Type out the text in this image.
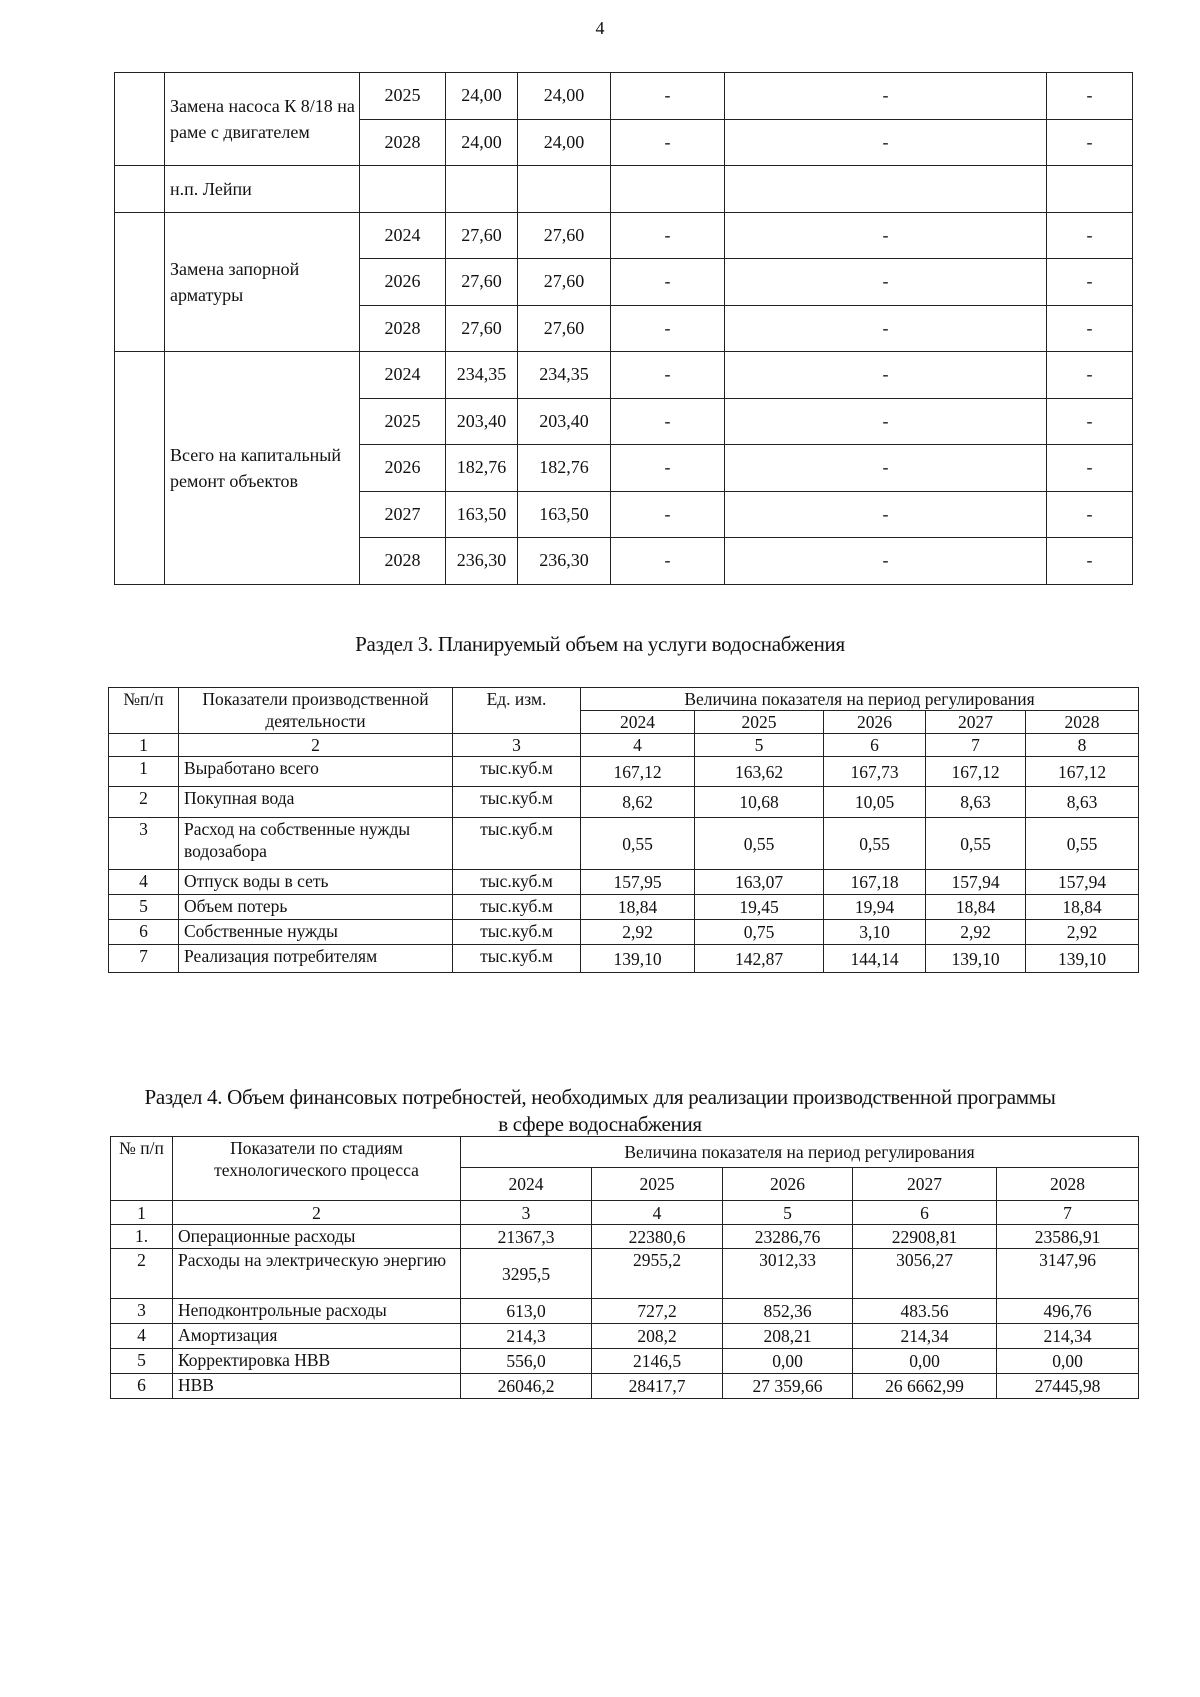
4
	Замена насоса К 8/18 на раме с двигателем	2025	24,00	24,00	-	-	-
		2028	24,00	24,00	-	-	-
	н.п. Лейпи						
	Замена запорной арматуры	2024	27,60	27,60	-	-	-
		2026	27,60	27,60	-	-	-
		2028	27,60	27,60	-	-	-
	Всего на капитальный ремонт объектов	2024	234,35	234,35	-	-	-
		2025	203,40	203,40	-	-	-
		2026	182,76	182,76	-	-	-
		2027	163,50	163,50	-	-	-
		2028	236,30	236,30	-	-	-
Раздел 3. Планируемый объем на услуги водоснабжения
№п/п	Показатели производственной деятельности	Ед. изм.	Величина показателя на период регулирования				
			2024	2025	2026	2027	2028
1	2	3	4	5	6	7	8
1	Выработано всего	тыс.куб.м	167,12	163,62	167,73	167,12	167,12
2	Покупная вода	тыс.куб.м	8,62	10,68	10,05	8,63	8,63
3	Расход на собственные нужды водозабора	тыс.куб.м	0,55	0,55	0,55	0,55	0,55
4	Отпуск воды в сеть	тыс.куб.м	157,95	163,07	167,18	157,94	157,94
5	Объем потерь	тыс.куб.м	18,84	19,45	19,94	18,84	18,84
6	Собственные нужды	тыс.куб.м	2,92	0,75	3,10	2,92	2,92
7	Реализация потребителям	тыс.куб.м	139,10	142,87	144,14	139,10	139,10
Раздел 4. Объем финансовых потребностей, необходимых для реализации производственной программы
в сфере водоснабжения
№ п/п	Показатели по стадиям технологического процесса	Величина показателя на период регулирования				
		2024	2025	2026	2027	2028
1	2	3	4	5	6	7
1.	Операционные расходы	21367,3	22380,6	23286,76	22908,81	23586,91
2	Расходы на электрическую энергию	3295,5	2955,2	3012,33	3056,27	3147,96
3	Неподконтрольные расходы	613,0	727,2	852,36	483.56	496,76
4	Амортизация	214,3	208,2	208,21	214,34	214,34
5	Корректировка НВВ	556,0	2146,5	0,00	0,00	0,00
6	НВВ	26046,2	28417,7	27 359,66	26 6662,99	27445,98
